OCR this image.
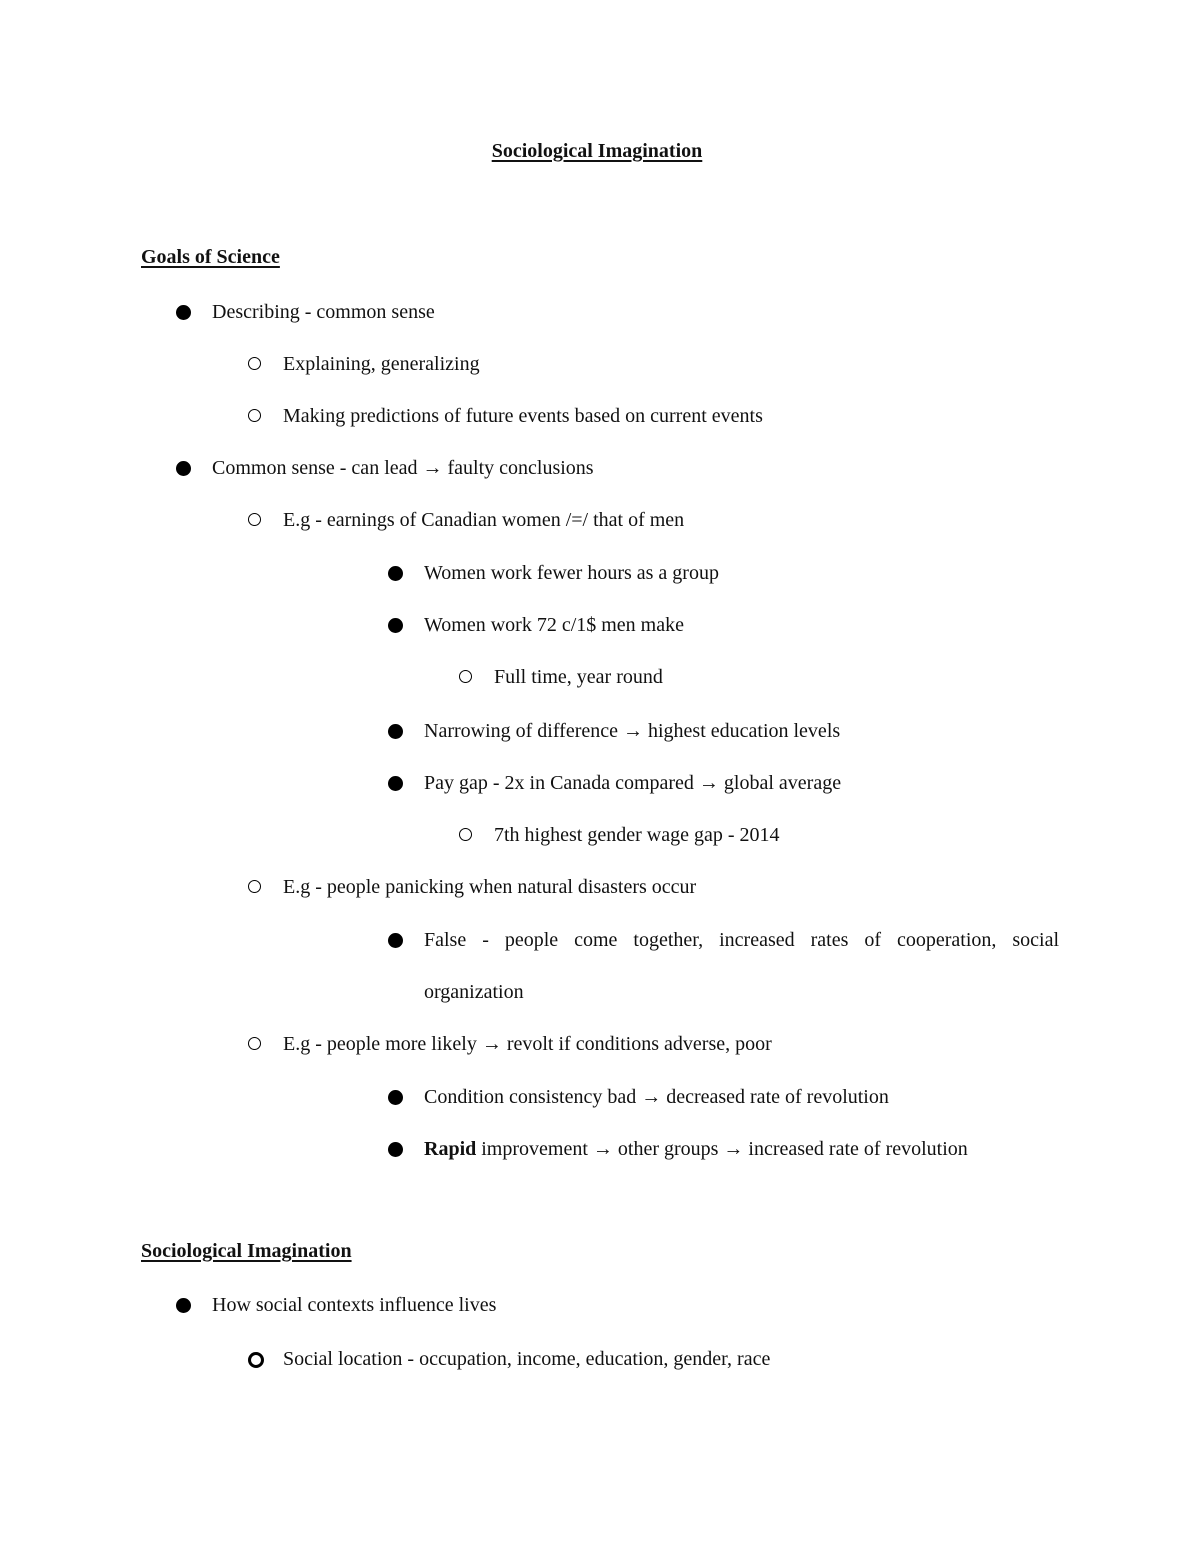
Sociological Imagination
Goals of Science
Describing - common sense
Explaining, generalizing
Making predictions of future events based on current events
Common sense - can lead → faulty conclusions
E.g - earnings of Canadian women /=/ that of men
Women work fewer hours as a group
Women work 72 c/1$ men make
Full time, year round
Narrowing of difference → highest education levels
Pay gap - 2x in Canada compared → global average
7th highest gender wage gap - 2014
E.g - people panicking when natural disasters occur
False - people come together, increased rates of cooperation, social organization
E.g - people more likely → revolt if conditions adverse, poor
Condition consistency bad → decreased rate of revolution
Rapid improvement → other groups → increased rate of revolution
Sociological Imagination
How social contexts influence lives
Social location - occupation, income, education, gender, race
